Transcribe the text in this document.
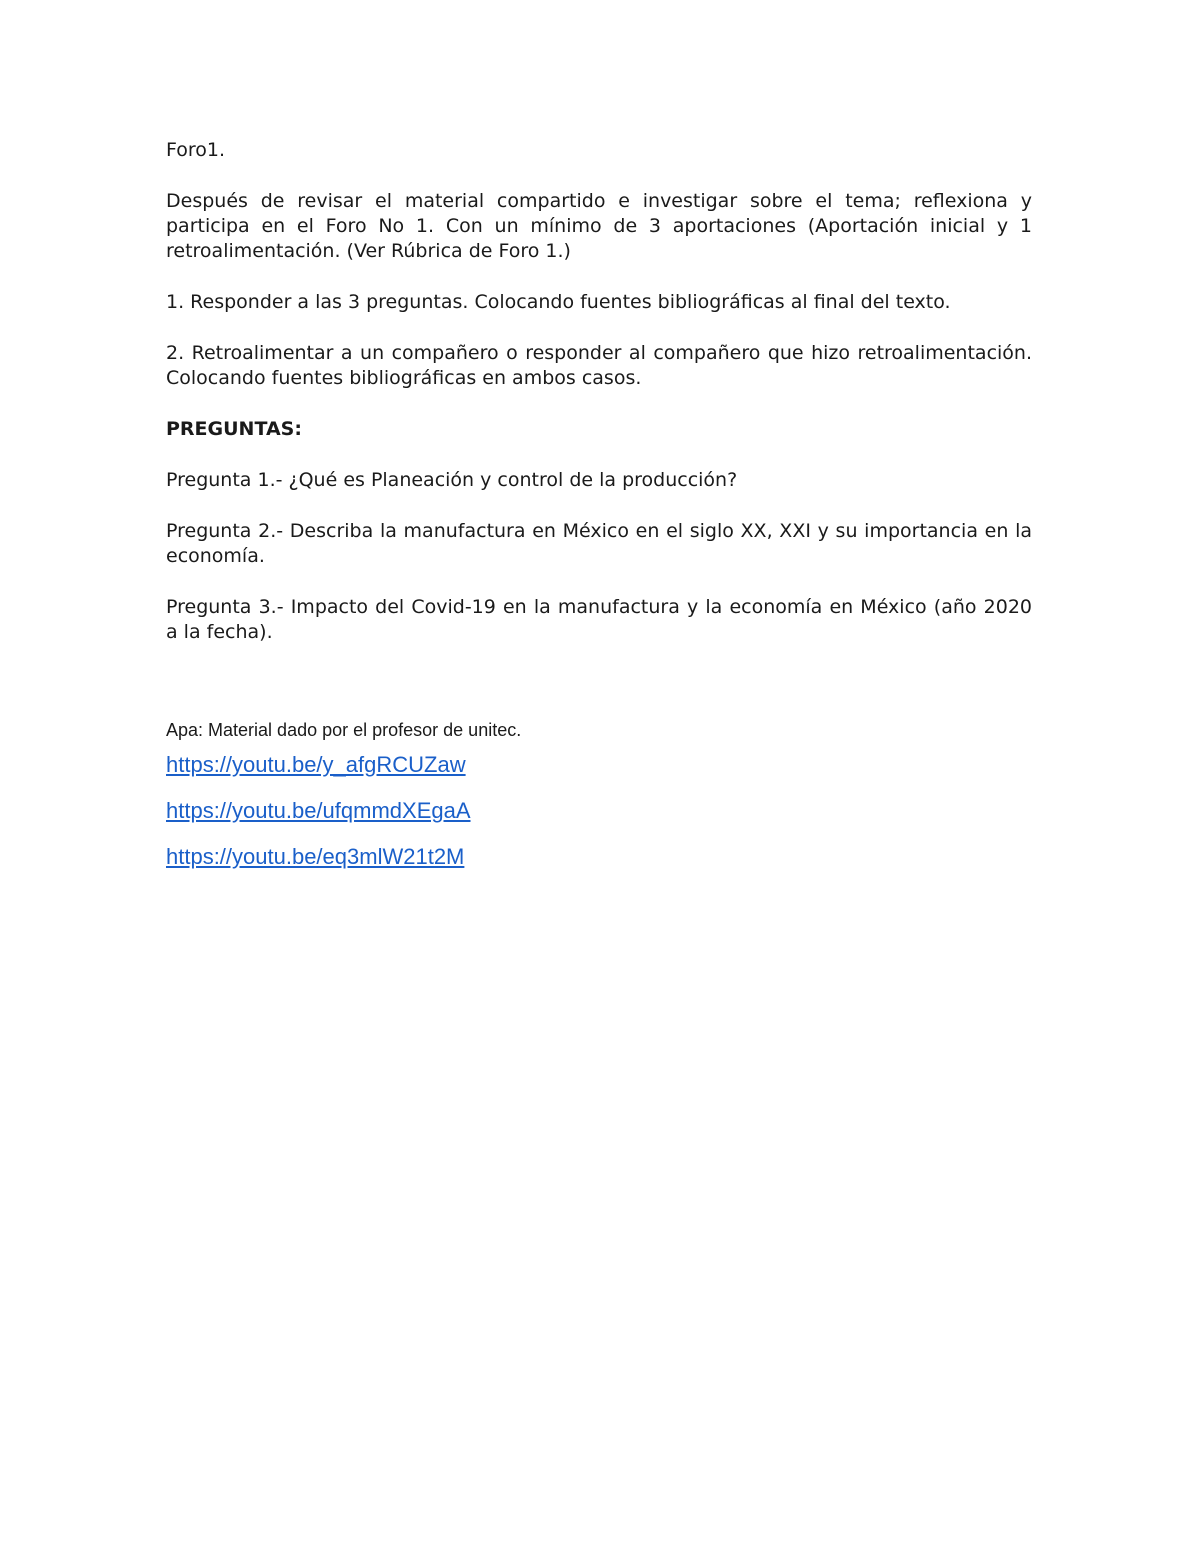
Foro1.

Después de revisar el material compartido e investigar sobre el tema; reflexiona y participa en el Foro No 1. Con un mínimo de 3 aportaciones (Aportación inicial y 1 retroalimentación. (Ver Rúbrica de Foro 1.)

1. Responder a las 3 preguntas. Colocando fuentes bibliográficas al final del texto.

2. Retroalimentar a un compañero o responder al compañero que hizo retroalimentación. Colocando fuentes bibliográficas en ambos casos.

PREGUNTAS:

Pregunta 1.- ¿Qué es Planeación y control de la producción?

Pregunta 2.- Describa la manufactura en México en el siglo XX, XXI y su importancia en la economía.

Pregunta 3.- Impacto del Covid-19 en la manufactura y la economía en México (año 2020 a la fecha).

Apa: Material dado por el profesor de unitec.

https://youtu.be/y_afgRCUZaw
https://youtu.be/ufqmmdXEgaA
https://youtu.be/eq3mlW21t2M
